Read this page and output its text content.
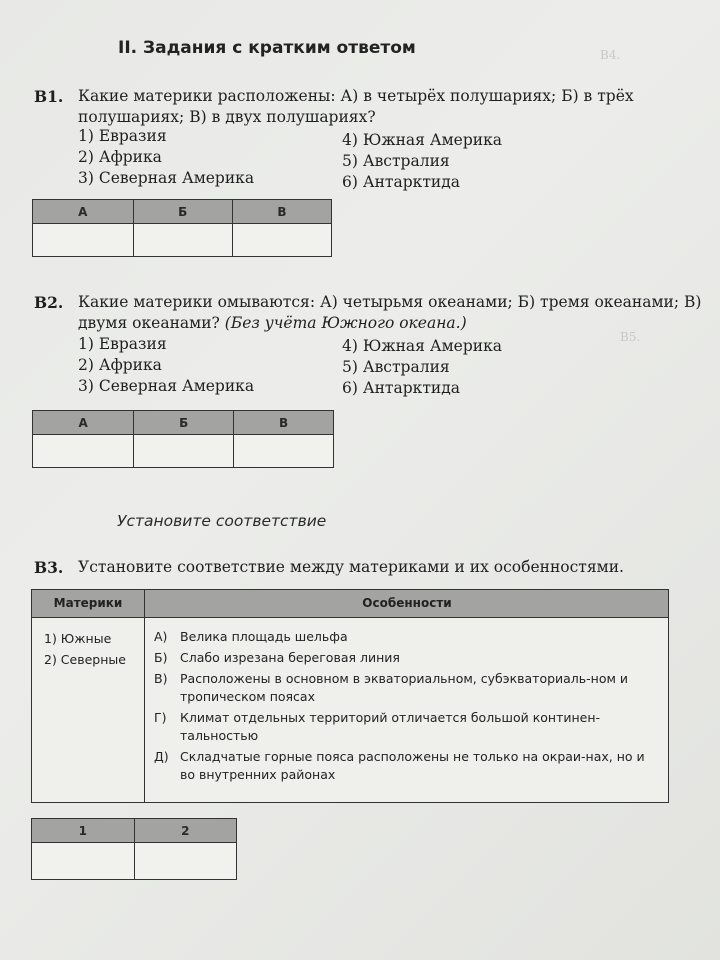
В4.
В5.
II. Задания с кратким ответом
B1. Какие материки расположены: А) в четырёх полушариях; Б) в трёх полушариях; В) в двух полушариях?
1) Евразия
2) Африка
3) Северная Америка
4) Южная Америка
5) Австралия
6) Антарктида
А	Б	В

B2. Какие материки омываются: А) четырьмя океанами; Б) тремя океанами; В) двумя океанами? (Без учёта Южного океана.)
1) Евразия
2) Африка
3) Северная Америка
4) Южная Америка
5) Австралия
6) Антарктида
А	Б	В

Установите соответствие
B3. Установите соответствие между материками и их особенностями.
Материки	Особенности
1) Южные
2) Северные
А) Велика площадь шельфа
Б) Слабо изрезана береговая линия
В) Расположены в основном в экваториальном, субэкваториаль-ном и тропическом поясах
Г) Климат отдельных территорий отличается большой континен-тальностью
Д) Складчатые горные пояса расположены не только на окраи-нах, но и во внутренних районах
1	2
